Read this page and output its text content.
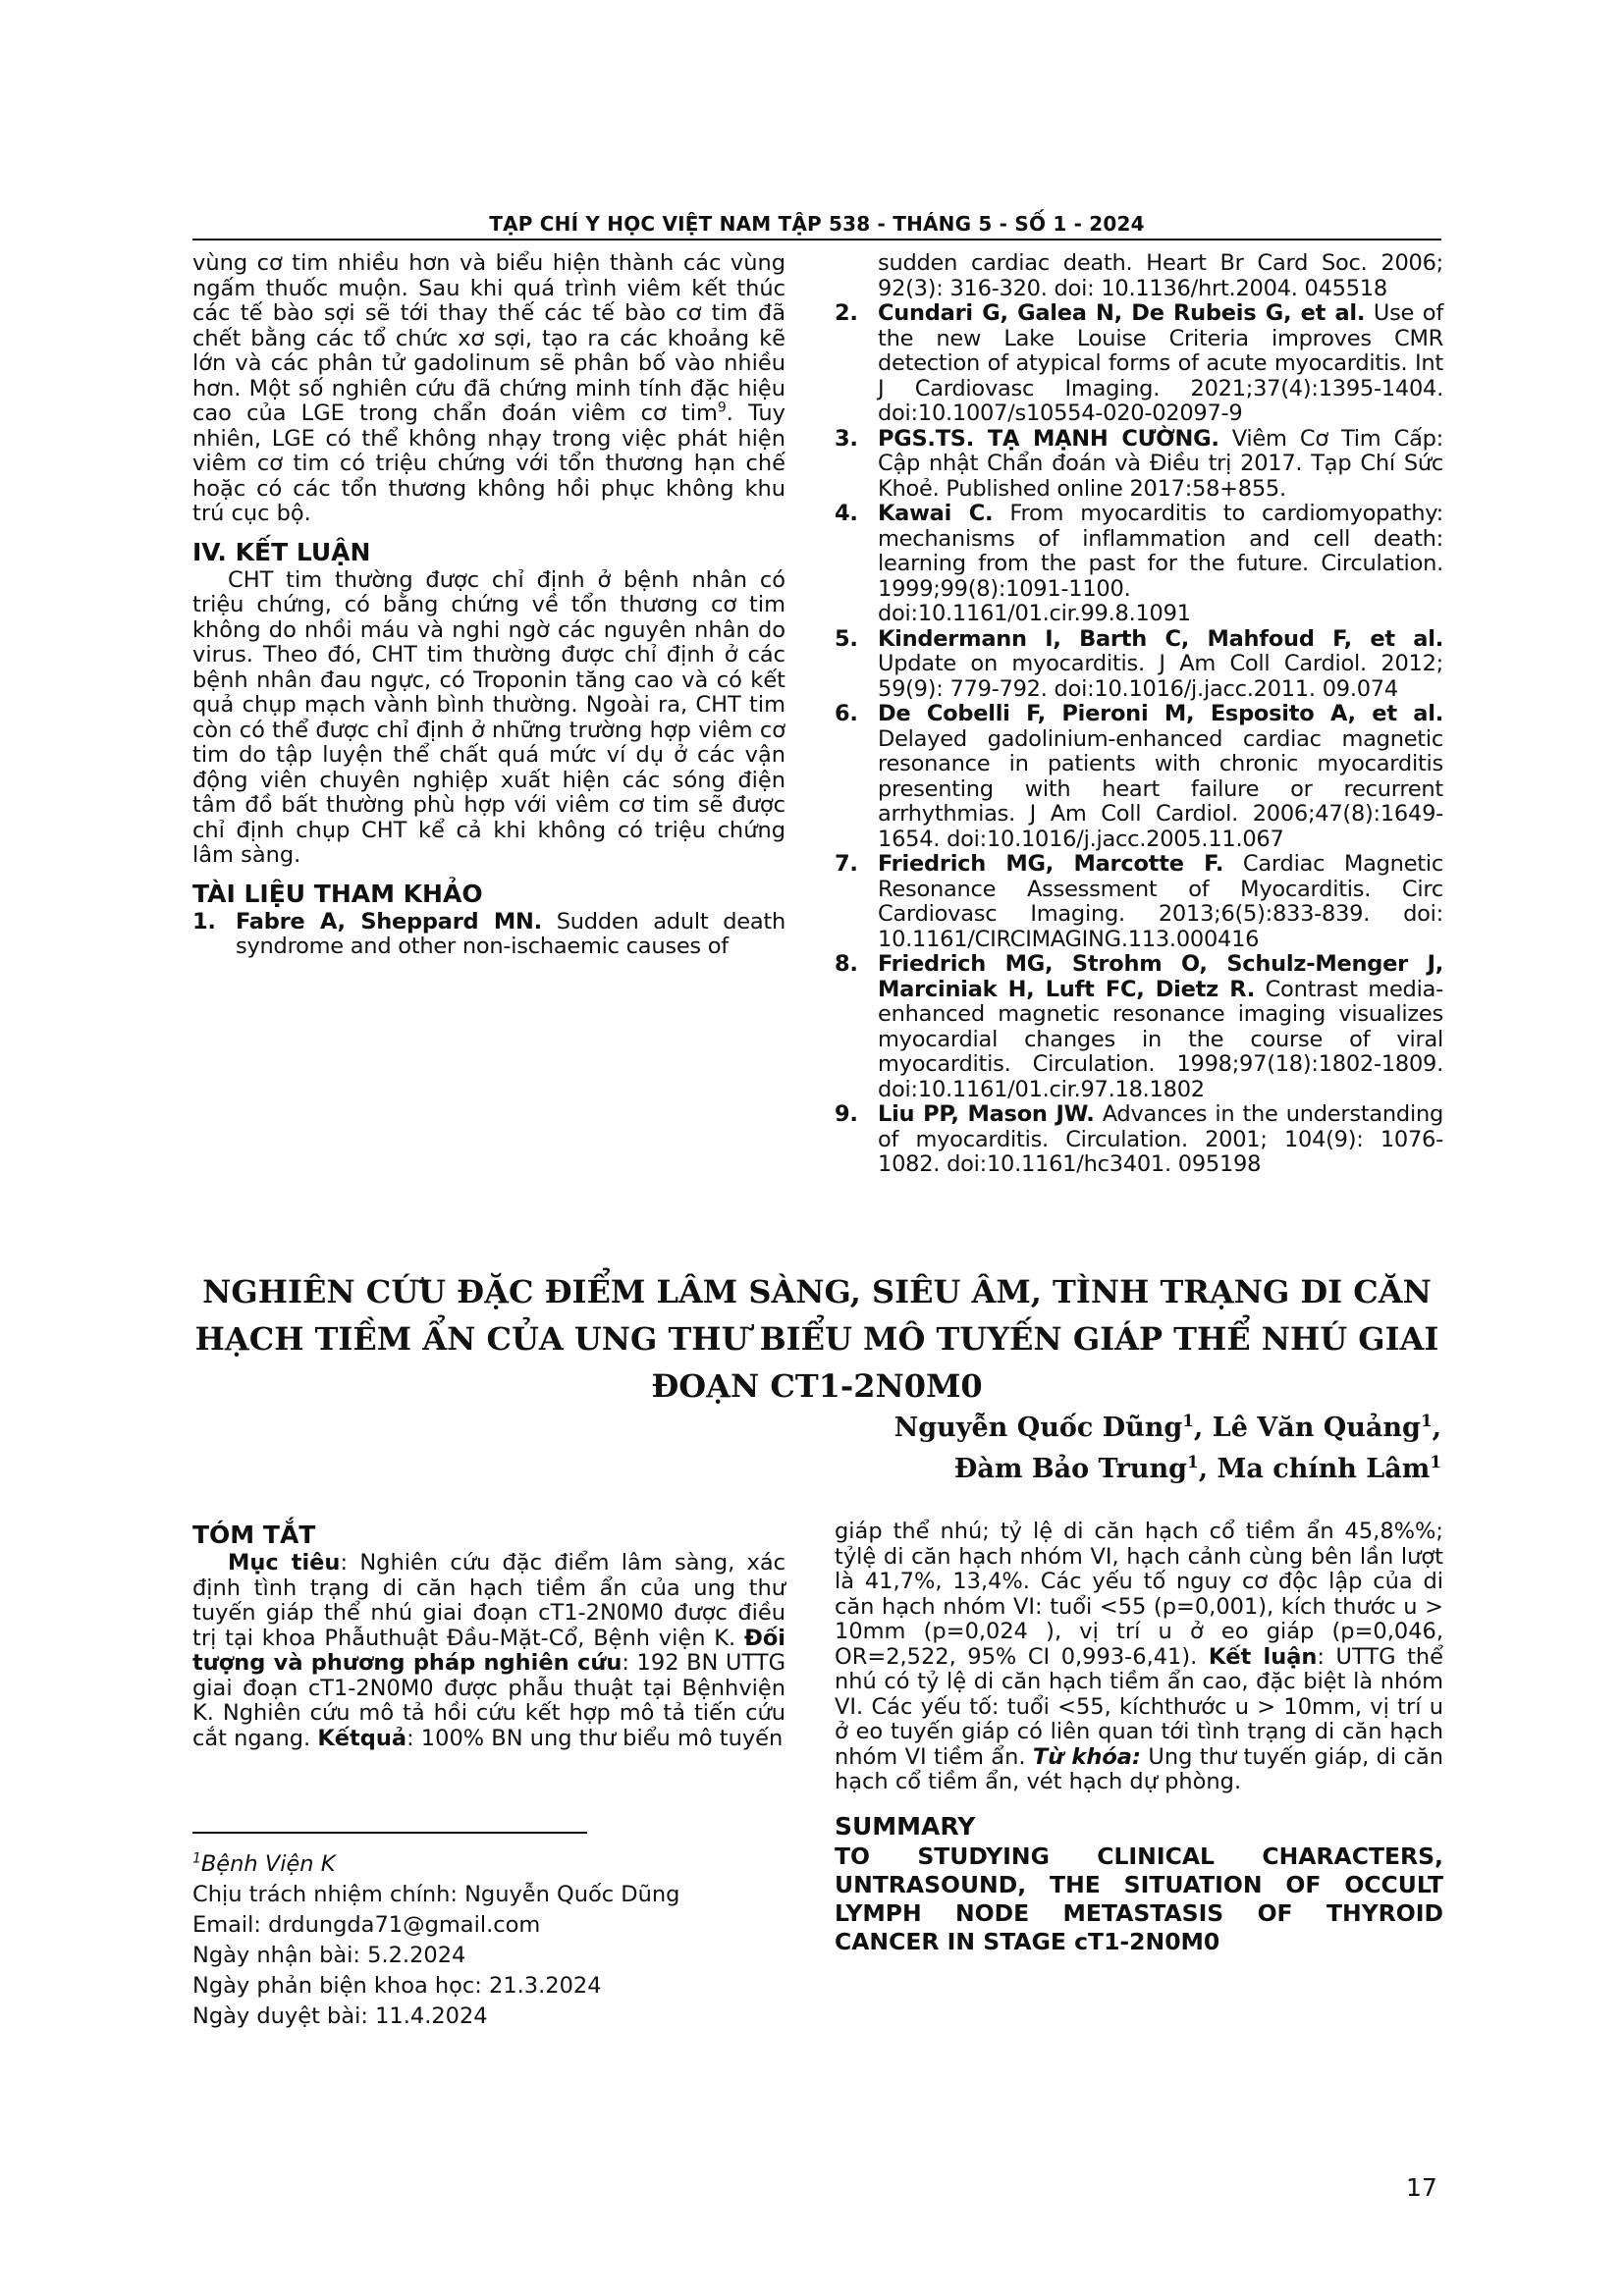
TẠP CHÍ Y HỌC VIỆT NAM TẬP 538 - THÁNG 5 - SỐ 1 - 2024

vùng cơ tim nhiều hơn và biểu hiện thành các vùng ngấm thuốc muộn. Sau khi quá trình viêm kết thúc các tế bào sợi sẽ tới thay thế các tế bào cơ tim đã chết bằng các tổ chức xơ sợi, tạo ra các khoảng kẽ lớn và các phân tử gadolinum sẽ phân bố vào nhiều hơn. Một số nghiên cứu đã chứng minh tính đặc hiệu cao của LGE trong chẩn đoán viêm cơ tim$^9$. Tuy nhiên, LGE có thể không nhạy trong việc phát hiện viêm cơ tim có triệu chứng với tổn thương hạn chế hoặc có các tổn thương không hồi phục không khu trú cục bộ.

IV. KẾT LUẬN

CHT tim thường được chỉ định ở bệnh nhân có triệu chứng, có bằng chứng về tổn thương cơ tim không do nhồi máu và nghi ngờ các nguyên nhân do virus. Theo đó, CHT tim thường được chỉ định ở các bệnh nhân đau ngực, có Troponin tăng cao và có kết quả chụp mạch vành bình thường. Ngoài ra, CHT tim còn có thể được chỉ định ở những trường hợp viêm cơ tim do tập luyện thể chất quá mức ví dụ ở các vận động viên chuyên nghiệp xuất hiện các sóng điện tâm đồ bất thường phù hợp với viêm cơ tim sẽ được chỉ định chụp CHT kể cả khi không có triệu chứng lâm sàng.

TÀI LIỆU THAM KHẢO
1. Fabre A, Sheppard MN. Sudden adult death syndrome and other non-ischaemic causes of

sudden cardiac death. Heart Br Card Soc. 2006; 92(3): 316-320. doi: 10.1136/hrt.2004. 045518

2. Cundari G, Galea N, De Rubeis G, et al. Use of the new Lake Louise Criteria improves CMR detection of atypical forms of acute myocarditis. Int J Cardiovasc Imaging. 2021;37(4):1395-1404. doi:10.1007/s10554-020-02097-9
3. PGS.TS. TẠ MẠNH CƯỜNG. Viêm Cơ Tim Cấp: Cập nhật Chẩn đoán và Điều trị 2017. Tạp Chí Sức Khoẻ. Published online 2017:58+855.
4. Kawai C. From myocarditis to cardiomyopathy: mechanisms of inflammation and cell death: learning from the past for the future. Circulation. 1999;99(8):1091-1100. doi:10.1161/01.cir.99.8.1091
5. Kindermann I, Barth C, Mahfoud F, et al. Update on myocarditis. J Am Coll Cardiol. 2012; 59(9): 779-792. doi:10.1016/j.jacc.2011. 09.074
6. De Cobelli F, Pieroni M, Esposito A, et al. Delayed gadolinium-enhanced cardiac magnetic resonance in patients with chronic myocarditis presenting with heart failure or recurrent arrhythmias. J Am Coll Cardiol. 2006;47(8):1649-1654. doi:10.1016/j.jacc.2005.11.067
7. Friedrich MG, Marcotte F. Cardiac Magnetic Resonance Assessment of Myocarditis. Circ Cardiovasc Imaging. 2013;6(5):833-839. doi: 10.1161/CIRCIMAGING.113.000416
8. Friedrich MG, Strohm O, Schulz-Menger J, Marciniak H, Luft FC, Dietz R. Contrast media-enhanced magnetic resonance imaging visualizes myocardial changes in the course of viral myocarditis. Circulation. 1998;97(18):1802-1809. doi:10.1161/01.cir.97.18.1802
9. Liu PP, Mason JW. Advances in the understanding of myocarditis. Circulation. 2001; 104(9): 1076-1082. doi:10.1161/hc3401. 095198
NGHIÊN CỨU ĐẶC ĐIỂM LÂM SÀNG, SIÊU ÂM, TÌNH TRẠNG DI CĂN HẠCH TIỀM ẨN CỦA UNG THƯ BIỂU MÔ TUYẾN GIÁP THỂ NHÚ GIAI ĐOẠN CT1-2N0M0
Nguyễn Quốc Dũng$^1$, Lê Văn Quảng$^1$,
Đàm Bảo Trung$^1$, Ma chính Lâm$^1$
TÓM TẮT

Mục tiêu: Nghiên cứu đặc điểm lâm sàng, xác định tình trạng di căn hạch tiềm ẩn của ung thư tuyến giáp thể nhú giai đoạn cT1-2N0M0 được điều trị tại khoa Phẫuthuật Đầu-Mặt-Cổ, Bệnh viện K. Đối tượng và phương pháp nghiên cứu: 192 BN UTTG giai đoạn cT1-2N0M0 được phẫu thuật tại Bệnhviện K. Nghiên cứu mô tả hồi cứu kết hợp mô tả tiến cứu cắt ngang. Kếtquả: 100% BN ung thư biểu mô tuyến

$^1$Bệnh Viện K
Chịu trách nhiệm chính: Nguyễn Quốc Dũng
Email: drdungda71@gmail.com
Ngày nhận bài: 5.2.2024
Ngày phản biện khoa học: 21.3.2024
Ngày duyệt bài: 11.4.2024

giáp thể nhú; tỷ lệ di căn hạch cổ tiềm ẩn 45,8%%; tỷlệ di căn hạch nhóm VI, hạch cảnh cùng bên lần lượt là 41,7%, 13,4%. Các yếu tố nguy cơ độc lập của di căn hạch nhóm VI: tuổi <55 (p=0,001), kích thước u > 10mm (p=0,024 ), vị trí u ở eo giáp (p=0,046, OR=2,522, 95% CI 0,993-6,41). Kết luận: UTTG thể nhú có tỷ lệ di căn hạch tiềm ẩn cao, đặc biệt là nhóm VI. Các yếu tố: tuổi <55, kíchthước u > 10mm, vị trí u ở eo tuyến giáp có liên quan tới tình trạng di căn hạch nhóm VI tiềm ẩn. Từ khóa: Ung thư tuyến giáp, di căn hạch cổ tiềm ẩn, vét hạch dự phòng.

SUMMARY

TO STUDYING CLINICAL CHARACTERS, UNTRASOUND, THE SITUATION OF OCCULT LYMPH NODE METASTASIS OF THYROID CANCER IN STAGE cT1-2N0M0

17
